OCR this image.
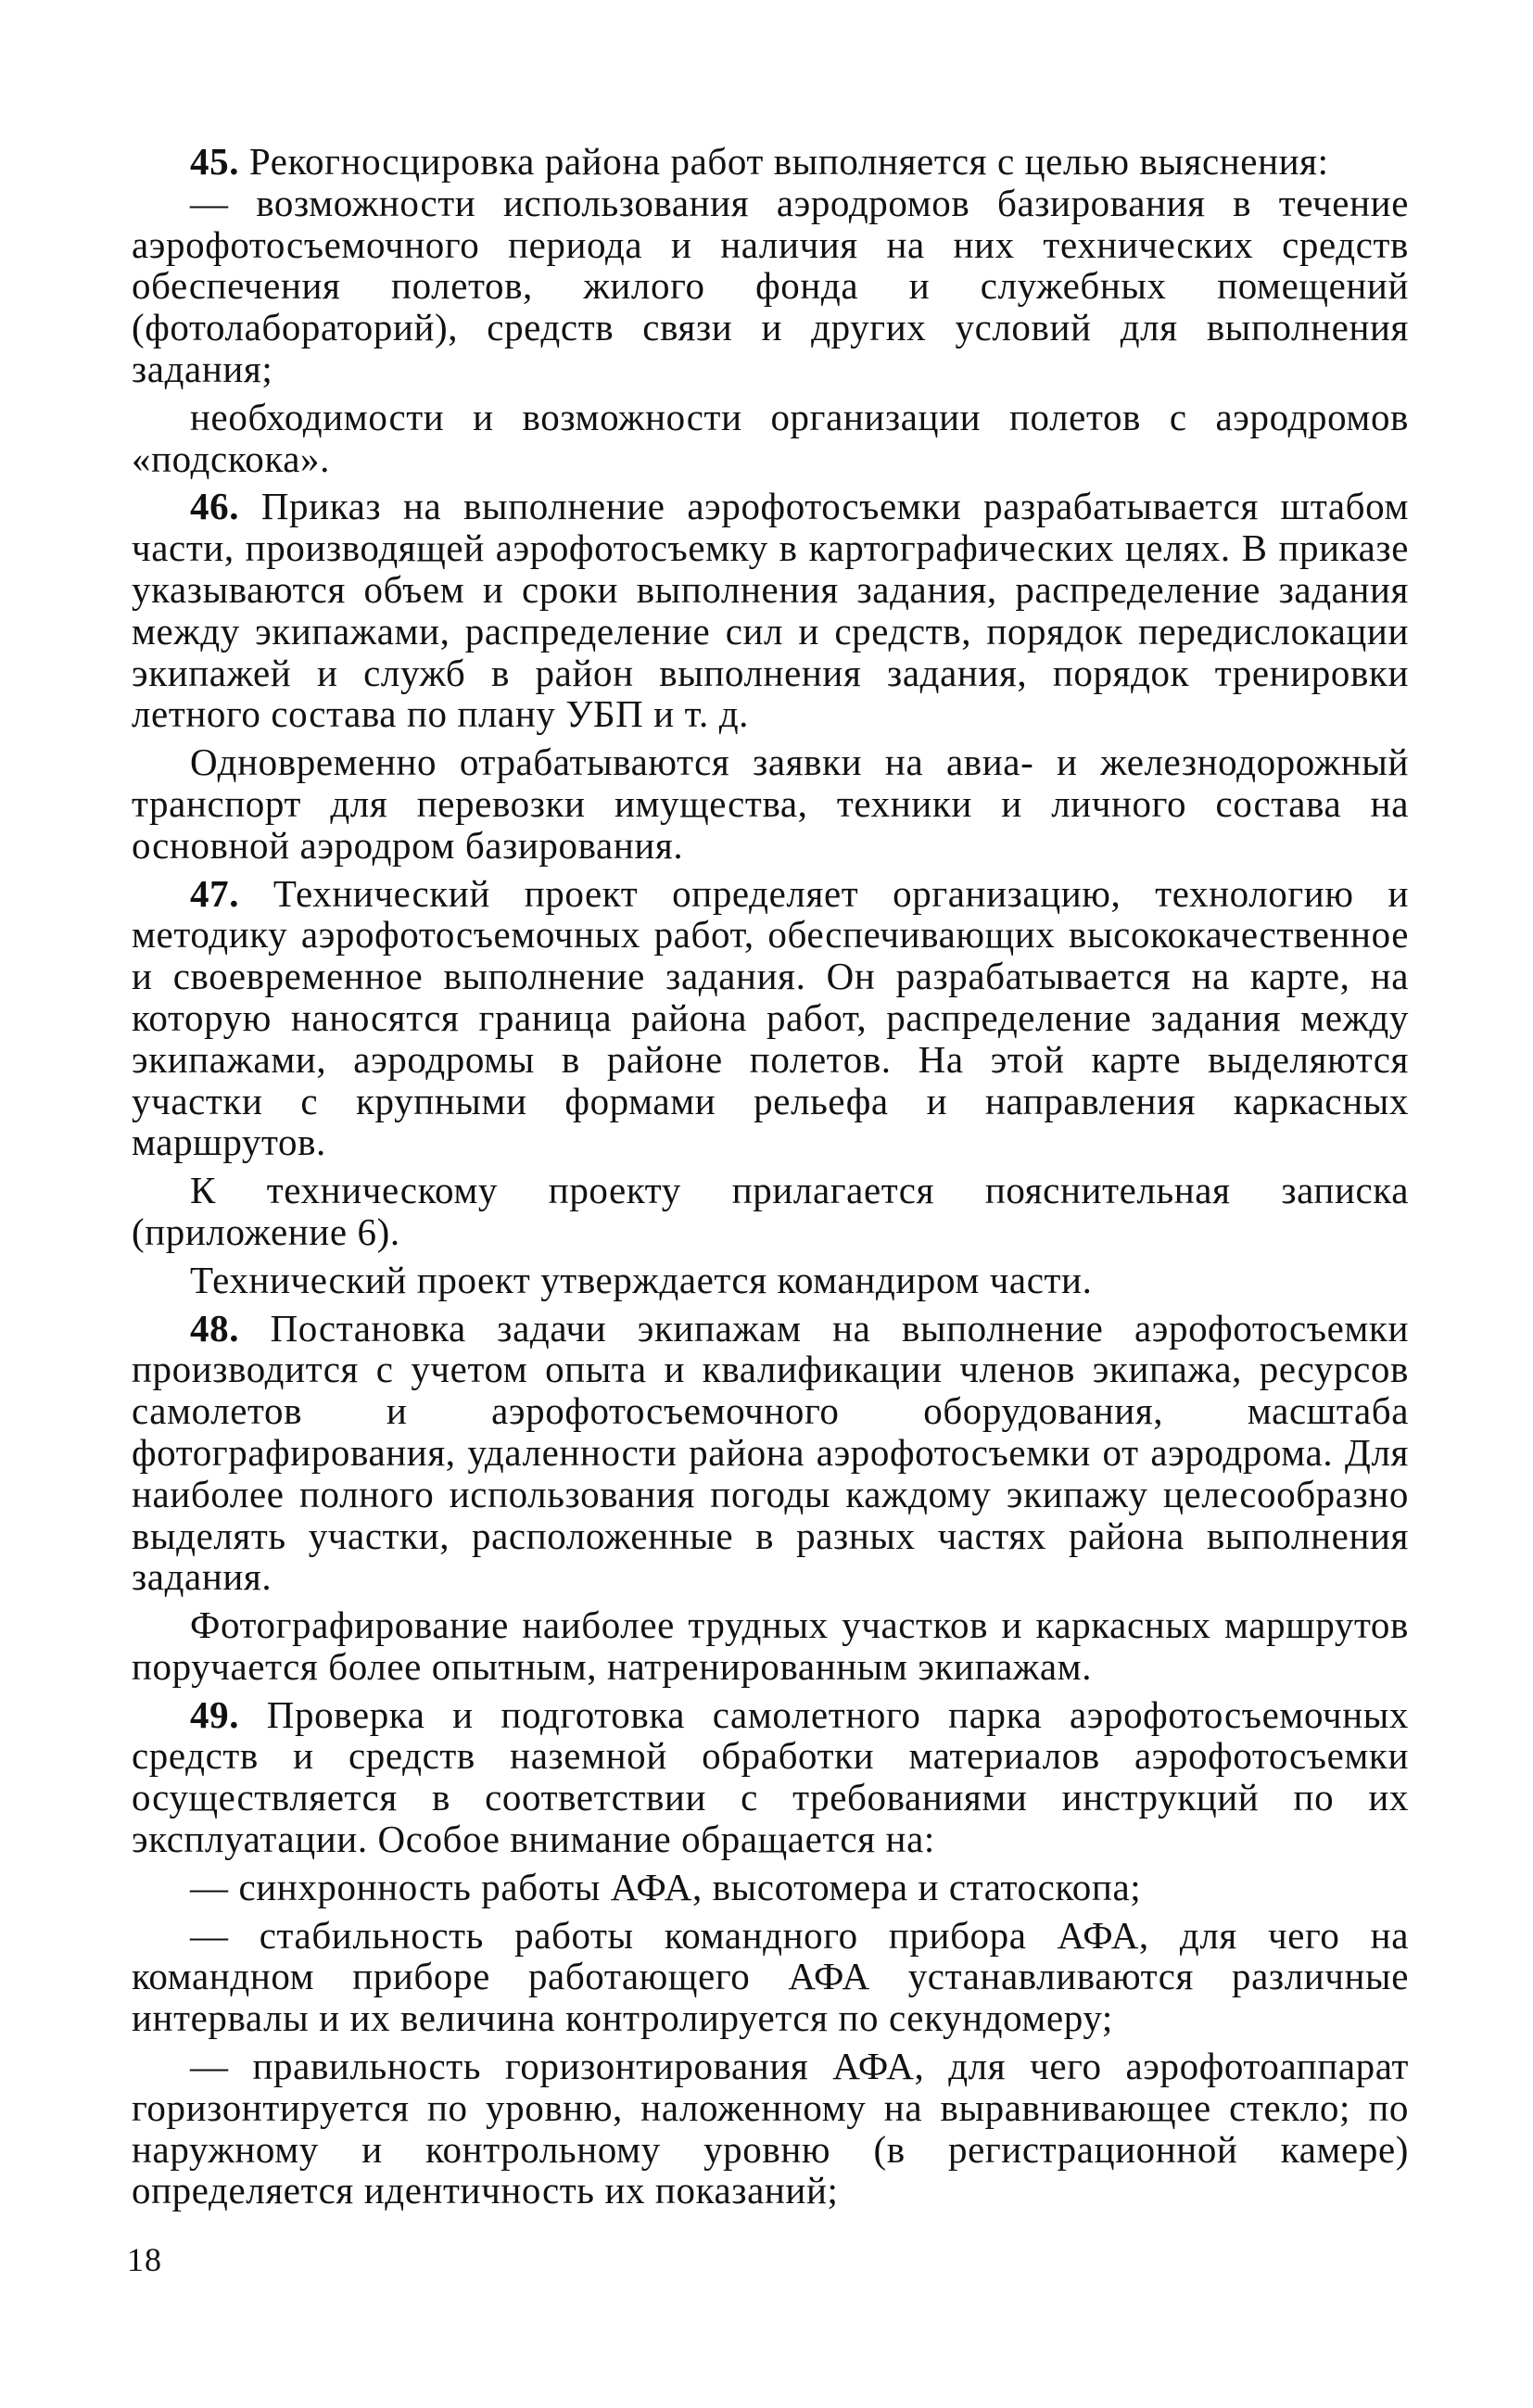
45. Рекогносцировка района работ выполняется с целью выяснения:

— возможности использования аэродромов базирования в течение аэрофотосъемочного периода и наличия на них технических средств обеспечения полетов, жилого фонда и служебных помещений (фотолабораторий), средств связи и других условий для выполнения задания;

необходимости и возможности организации полетов с аэродромов «подскока».

46. Приказ на выполнение аэрофотосъемки разрабатывается штабом части, производящей аэрофотосъемку в картографических целях. В приказе указываются объем и сроки выполнения задания, распределение задания между экипажами, распределение сил и средств, порядок передислокации экипажей и служб в район выполнения задания, порядок тренировки летного состава по плану УБП и т. д.

Одновременно отрабатываются заявки на авиа- и железнодорожный транспорт для перевозки имущества, техники и личного состава на основной аэродром базирования.

47. Технический проект определяет организацию, технологию и методику аэрофотосъемочных работ, обеспечивающих высококачественное и своевременное выполнение задания. Он разрабатывается на карте, на которую наносятся граница района работ, распределение задания между экипажами, аэродромы в районе полетов. На этой карте выделяются участки с крупными формами рельефа и направления каркасных маршрутов.

К техническому проекту прилагается пояснительная записка (приложение 6).

Технический проект утверждается командиром части.

48. Постановка задачи экипажам на выполнение аэрофотосъемки производится с учетом опыта и квалификации членов экипажа, ресурсов самолетов и аэрофотосъемочного оборудования, масштаба фотографирования, удаленности района аэрофотосъемки от аэродрома. Для наиболее полного использования погоды каждому экипажу целесообразно выделять участки, расположенные в разных частях района выполнения задания.

Фотографирование наиболее трудных участков и каркасных маршрутов поручается более опытным, натренированным экипажам.

49. Проверка и подготовка самолетного парка аэрофотосъемочных средств и средств наземной обработки материалов аэрофотосъемки осуществляется в соответствии с требованиями инструкций по их эксплуатации. Особое внимание обращается на:

— синхронность работы АФА, высотомера и статоскопа;

— стабильность работы командного прибора АФА, для чего на командном приборе работающего АФА устанавливаются различные интервалы и их величина контролируется по секундомеру;

— правильность горизонтирования АФА, для чего аэрофотоаппарат горизонтируется по уровню, наложенному на выравнивающее стекло; по наружному и контрольному уровню (в регистрационной камере) определяется идентичность их показаний;

18
